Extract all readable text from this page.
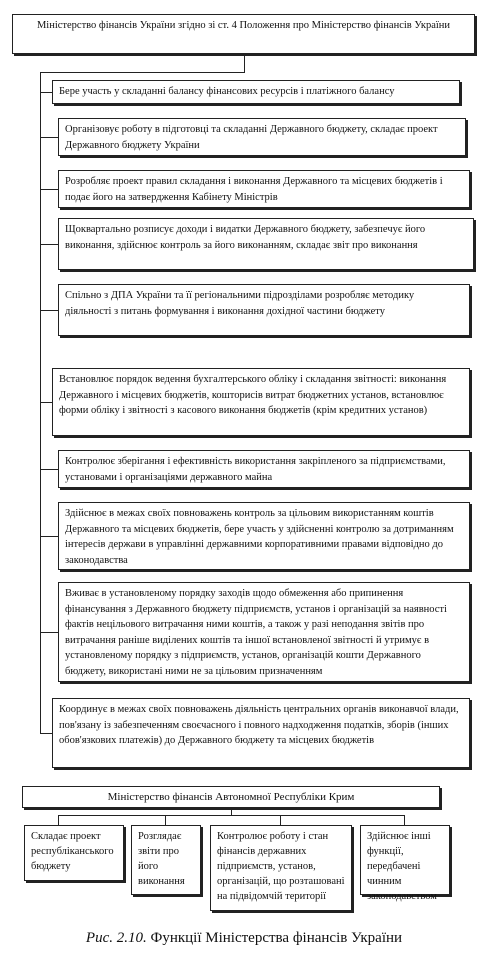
Міністерство фінансів України згідно зі ст. 4 Положення про Міністерство фінансів України
Бере участь у складанні балансу фінансових ресурсів і платіжного балансу
Організовує роботу в підготовці та складанні Державного бюджету, складає проект Державного бюджету України
Розробляє проект правил складання і виконання Державного та місцевих бюджетів і подає його на затвердження Кабінету Міністрів
Щоквартально розписує доходи і видатки Державного бюджету, забезпечує його виконання, здійснює контроль за його виконанням, складає звіт про виконання
Спільно з ДПА України та її регіональними підрозділами розробляє методику діяльності з питань формування і виконання дохідної частини бюджету
Встановлює порядок ведення бухгалтерського обліку і складання звітності: виконання Державного і місцевих бюджетів, кошторисів витрат бюджетних установ, встановлює форми обліку і звітності з касового виконання бюджетів (крім кредитних установ)
Контролює зберігання і ефективність використання закріпленого за підприємствами, установами і організаціями державного майна
Здійснює в межах своїх повноважень контроль за цільовим використанням коштів Державного та місцевих бюджетів, бере участь у здійсненні контролю за дотриманням інтересів держави в управлінні державними корпоративними правами відповідно до законодавства
Вживає в установленому порядку заходів щодо обмеження або припинення фінансування з Державного бюджету підприємств, установ і організацій за наявності фактів нецільового витрачання ними коштів, а також у разі неподання звітів про витрачання раніше виділених коштів та іншої встановленої звітності й утримує в установленому порядку з підприємств, установ, організацій кошти Державного бюджету, використані ними не за цільовим призначенням
Координує в межах своїх повноважень діяльність центральних органів виконавчої влади, пов'язану із забезпеченням своєчасного і повного надходження податків, зборів (інших обов'язкових платежів) до Державного бюджету та місцевих бюджетів
Міністерство фінансів Автономної Республіки Крим
Складає проект республіканського бюджету
Розглядає звіти про його виконання
Контролює роботу і стан фінансів державних підприємств, установ, організацій, що розташовані на підвідомчій території
Здійснює інші функції, передбачені чинним законодавством
Рис. 2.10. Функції Міністерства фінансів України
